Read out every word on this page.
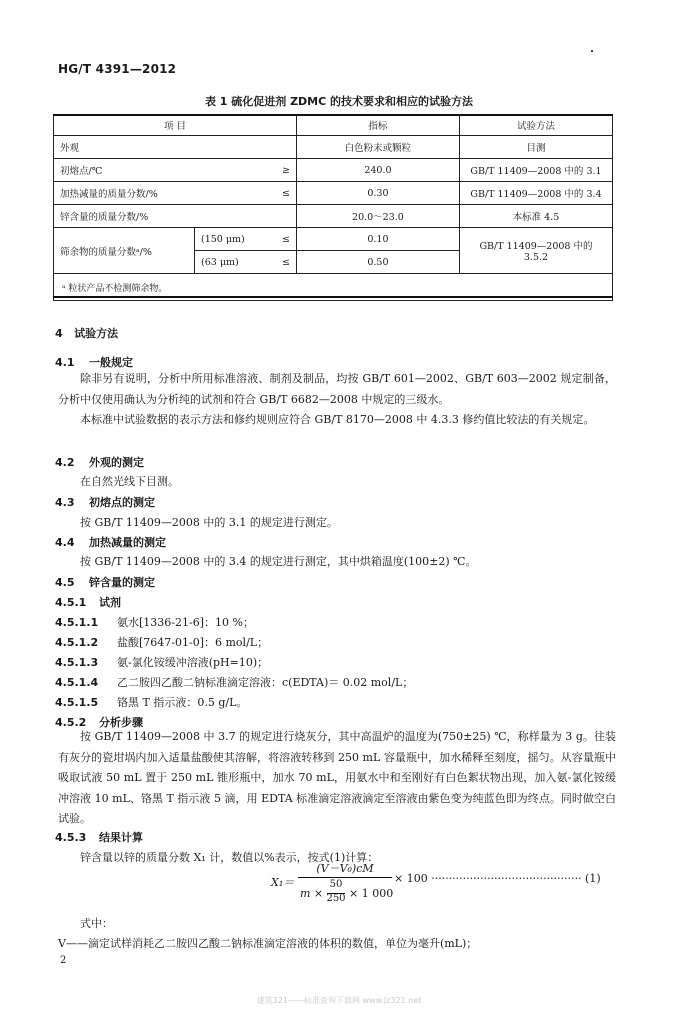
HG/T 4391—2012
表 1 硫化促进剂 ZDMC 的技术要求和相应的试验方法
项 目			指标	试验方法
外观			白色粉末或颗粒	目测
初熔点/℃		≥	240.0	GB/T 11409—2008 中的 3.1
加热减量的质量分数/%		≤	0.30	GB/T 11409—2008 中的 3.4
锌含量的质量分数/%			20.0～23.0	本标准 4.5
筛余物的质量分数ᵃ/%	(150 μm)	≤	0.10	GB/T 11409—2008 中的 3.5.2
	(63 μm)	≤	0.50	
ᵃ 粒状产品不检测筛余物。				
4 试验方法
4.1 一般规定
除非另有说明，分析中所用标准溶液、制剂及制品，均按 GB/T 601—2002、GB/T 603—2002 规定制备，分析中仅使用确认为分析纯的试剂和符合 GB/T 6682—2008 中规定的三级水。
本标准中试验数据的表示方法和修约规则应符合 GB/T 8170—2008 中 4.3.3 修约值比较法的有关规定。
4.2 外观的测定
在自然光线下目测。
4.3 初熔点的测定
按 GB/T 11409—2008 中的 3.1 的规定进行测定。
4.4 加热减量的测定
按 GB/T 11409—2008 中的 3.4 的规定进行测定，其中烘箱温度(100±2) ℃。
4.5 锌含量的测定
4.5.1 试剂
4.5.1.1 氨水[1336-21-6]：10 %；
4.5.1.2 盐酸[7647-01-0]：6 mol/L；
4.5.1.3 氨-氯化铵缓冲溶液(pH=10)；
4.5.1.4 乙二胺四乙酸二钠标准滴定溶液：c(EDTA)＝ 0.02 mol/L；
4.5.1.5 铬黑 T 指示液：0.5 g/L。
4.5.2 分析步骤
按 GB/T 11409—2008 中 3.7 的规定进行烧灰分，其中高温炉的温度为(750±25) ℃，称样量为 3 g。往装有灰分的瓷坩埚内加入适量盐酸使其溶解，将溶液转移到 250 mL 容量瓶中，加水稀释至刻度，摇匀。从容量瓶中吸取试液 50 mL 置于 250 mL 锥形瓶中，加水 70 mL，用氨水中和至刚好有白色絮状物出现，加入氨-氯化铵缓冲溶液 10 mL、铬黑 T 指示液 5 滴，用 EDTA 标准滴定溶液滴定至溶液由紫色变为纯蓝色即为终点。同时做空白试验。
4.5.3 结果计算
锌含量以锌的质量分数 X₁ 计，数值以%表示，按式(1)计算：
X₁＝
(V－V₀)cM
m ×
50
250 × 1 000
× 100 ··········································· (1)
式中：
V——滴定试样消耗乙二胺四乙酸二钠标准滴定溶液的体积的数值，单位为毫升(mL)；
2
建筑321——标准查询下载网 www.jz321.net
